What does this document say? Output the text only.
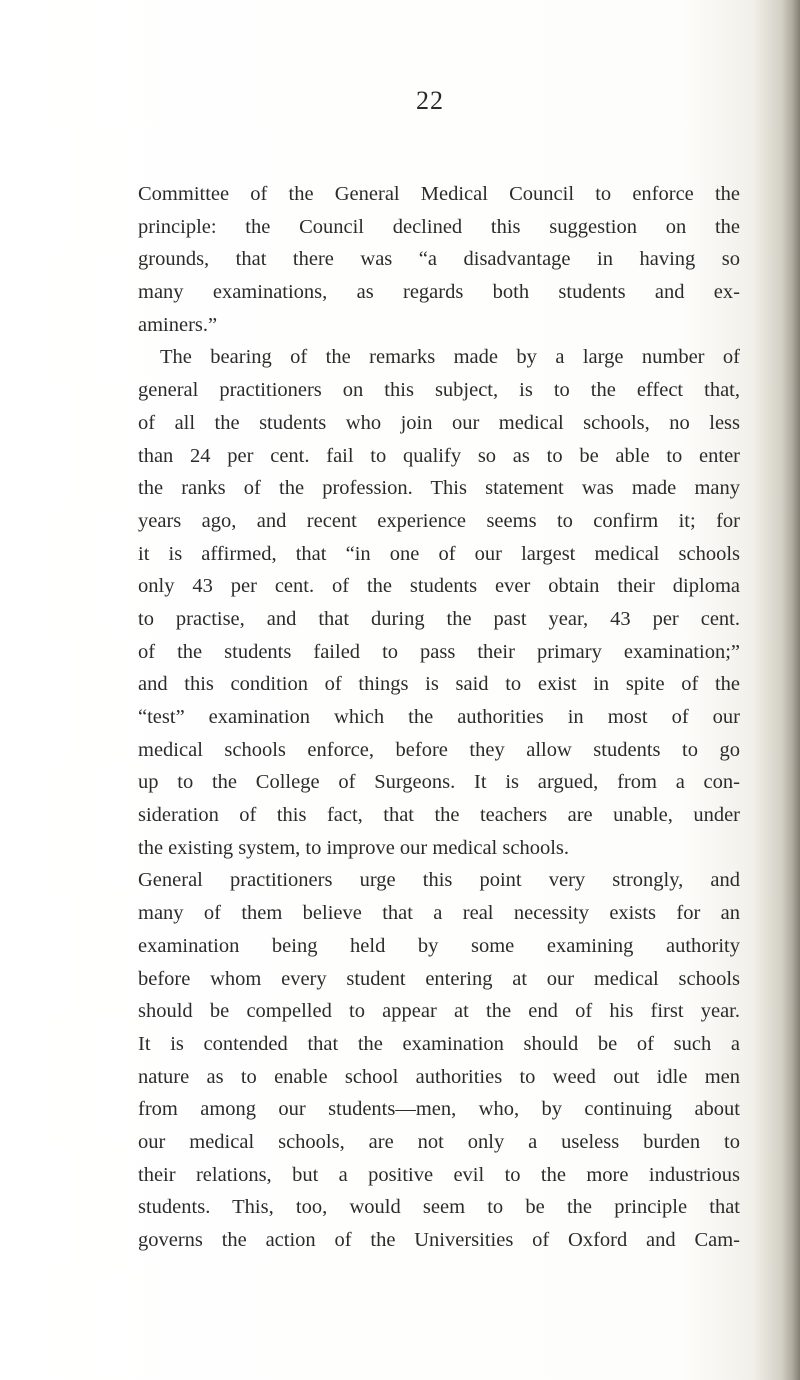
22
Committee of the General Medical Council to enforce the
principle: the Council declined this suggestion on the
grounds, that there was “a disadvantage in having so
many examinations, as regards both students and ex-
aminers.”
The bearing of the remarks made by a large number of
general practitioners on this subject, is to the effect that,
of all the students who join our medical schools, no less
than 24 per cent. fail to qualify so as to be able to enter
the ranks of the profession. This statement was made many
years ago, and recent experience seems to confirm it; for
it is affirmed, that “in one of our largest medical schools
only 43 per cent. of the students ever obtain their diploma
to practise, and that during the past year, 43 per cent.
of the students failed to pass their primary examination;”
and this condition of things is said to exist in spite of the
“test” examination which the authorities in most of our
medical schools enforce, before they allow students to go
up to the College of Surgeons. It is argued, from a con-
sideration of this fact, that the teachers are unable, under
the existing system, to improve our medical schools.
General practitioners urge this point very strongly, and
many of them believe that a real necessity exists for an
examination being held by some examining authority
before whom every student entering at our medical schools
should be compelled to appear at the end of his first year.
It is contended that the examination should be of such a
nature as to enable school authorities to weed out idle men
from among our students—men, who, by continuing about
our medical schools, are not only a useless burden to
their relations, but a positive evil to the more industrious
students. This, too, would seem to be the principle that
governs the action of the Universities of Oxford and Cam-
